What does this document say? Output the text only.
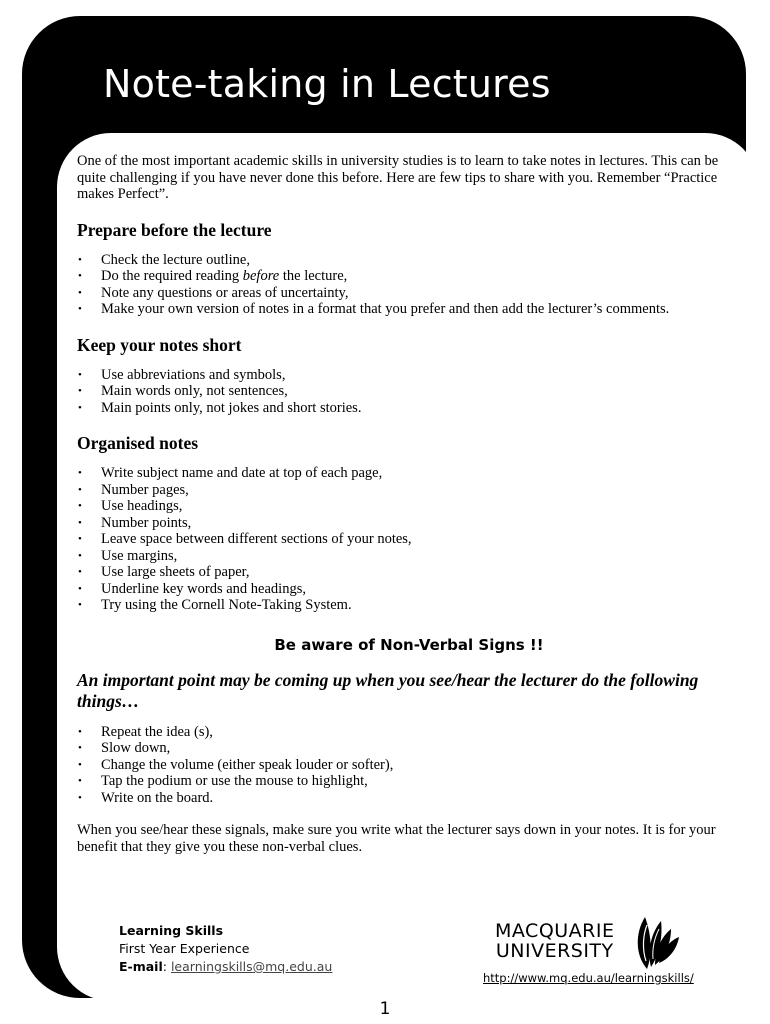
Note-taking in Lectures

One of the most important academic skills in university studies is to learn to take notes in lectures. This can be quite challenging if you have never done this before. Here are few tips to share with you. Remember “Practice makes Perfect”.

Prepare before the lecture
• Check the lecture outline,
• Do the required reading before the lecture,
• Note any questions or areas of uncertainty,
• Make your own version of notes in a format that you prefer and then add the lecturer’s comments.
Keep your notes short
• Use abbreviations and symbols,
• Main words only, not sentences,
• Main points only, not jokes and short stories.
Organised notes
• Write subject name and date at top of each page,
• Number pages,
• Use headings,
• Number points,
• Leave space between different sections of your notes,
• Use margins,
• Use large sheets of paper,
• Underline key words and headings,
• Try using the Cornell Note-Taking System.
Be aware of Non-Verbal Signs !!
An important point may be coming up when you see/hear the lecturer do the following things…
• Repeat the idea (s),
• Slow down,
• Change the volume (either speak louder or softer),
• Tap the podium or use the mouse to highlight,
• Write on the board.

When you see/hear these signals, make sure you write what the lecturer says down in your notes. It is for your benefit that they give you these non-verbal clues.

Learning Skills
First Year Experience
E-mail: learningskills@mq.edu.au
MACQUARIE
UNIVERSITY
http://www.mq.edu.au/learningskills/
1
